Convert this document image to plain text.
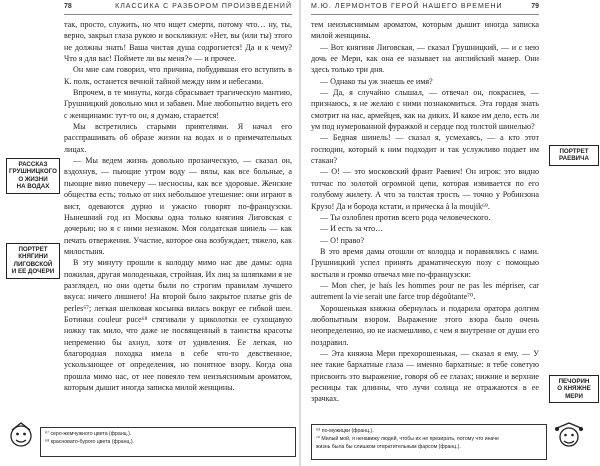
78	КЛАССИКА С РАЗБОРОМ ПРОИЗВЕДЕНИЙ

так, просто, служить, но что ищет смерти, потому что… ну, ты, верно, закрыл глаза рукою и воскликнул: «Нет, вы (или ты) этого не должны знать! Ваша чистая душа содрогнется! Да и к чему? Что я для вас! Поймете ли вы меня?» — и прочее.

Он мне сам говорил, что причина, побудившая его вступить в К. полк, останется вечной тайной между ним и небесами.

Впрочем, в те минуты, когда сбрасывает трагическую мантию, Грушницкий довольно мил и забавен. Мне любопытно видеть его с женщинами: тут-то он, я думаю, старается!

Мы встретились старыми приятелями. Я начал его расспрашивать об образе жизни на водах и о примечательных лицах.

— Мы ведем жизнь довольно прозаическую, — сказал он, вздохнув, — пьющие утром воду — вялы, как все больные, а пьющие вино повечеру — несносны, как все здоровые. Женские общества есть; только от них небольшое утешение: они играют в вист, одеваются дурно и ужасно говорят по-французски. Нынешний год из Москвы одна только княгиня Лиговская с дочерью; но я с ними незнаком. Моя солдатская шинель — как печать отвержения. Участие, которое она возбуждает, тяжело, как милостыня.

В эту минуту прошли к колодцу мимо нас две дамы: одна пожилая, другая молоденькая, стройная. Их лиц за шляпками я не разглядел, но они одеты были по строгим правилам лучшего вкуса: ничего лишнего! На второй было закрытое платье gris de perles⁶⁷; легкая шелковая косынка вилась вокруг ее гибкой шеи. Ботинки couleur puce⁶⁸ стягивали у щиколотки ее сухощавую ножку так мило, что даже не посвященный в таинства красоты непременно бы ахнул, хотя от удивления. Ее легкая, но благородная походка имела в себе что-то девственное, ускользающее от определения, но понятное взору. Когда она прошла мимо нас, от нее повеяло тем неизъяснимым ароматом, которым дышит иногда записка милой женщины.

РАССКАЗ
ГРУШНИЦКОГО
О ЖИЗНИ
НА ВОДАХ
ПОРТРЕТ
КНЯГИНИ
ЛИГОВСКОЙ
И ЕЕ ДОЧЕРИ
⁶⁷ серо-жемчужного цвета (франц.).
⁶⁸ красновато-бурого цвета (франц.).
М.Ю. ЛЕРМОНТОВ ГЕРОЙ НАШЕГО ВРЕМЕНИ	79

тем неизъяснимым ароматом, которым дышит иногда записка милой женщины.

— Вот княгиня Лиговская, — сказал Грушницкий, — и с нею дочь ее Мери, как она ее называет на английский манер. Они здесь только три дня.

— Однако ты уж знаешь ее имя?

— Да, я случайно слышал, — отвечал он, покраснев, — признаюсь, я не желаю с ними познакомиться. Эта гордая знать смотрит на нас, армейцев, как на диких. И какое им дело, есть ли ум под нумерованной фуражкой и сердце под толстой шинелью?

— Бедная шинель! — сказал я, усмехаясь, — а кто этот господин, который к ним подходит и так услужливо подает им стакан?

— О! — это московский франт Раевич! Он игрок: это видно тотчас по золотой огромной цепи, которая извивается по его голубому жилету. А что за толстая трость — точно у Робинзона Крузо! Да и борода кстати, и прическа à la moujik⁶⁹.

— Ты озлоблен против всего рода человеческого.

— И есть за что…

— О! право?

В это время дамы отошли от колодца и поравнялись с нами. Грушницкий успел принять драматическую позу с помощью костыля и громко отвечал мне по-французски:

— Mon cher, je haïs les hommes pour ne pas les mépriser, car autrement la vie serait une farce trop dégoûtante⁷⁰.

Хорошенькая княжна обернулась и подарила оратора долгим любопытным взором. Выражение этого взора было очень неопределенно, но не насмешливо, с чем я внутренне от души его поздравил.

— Эта княжна Мери прехорошенькая, — сказал я ему. — У нее такие бархатные глаза — именно бархатные: я тебе советую присвоить это выражение, говоря об ее глазах; нижние и верхние ресницы так длинны, что лучи солнца не отражаются в ее зрачках.

ПОРТРЕТ
РАЕВИЧА
ПЕЧОРИН
О КНЯЖНЕ
МЕРИ
⁶⁹ по-мужицки (франц.).
⁷⁰ Милый мой, я ненавижу людей, чтобы их не презирать, потому что иначе
жизнь была бы слишком отвратительным фарсом (франц.).
